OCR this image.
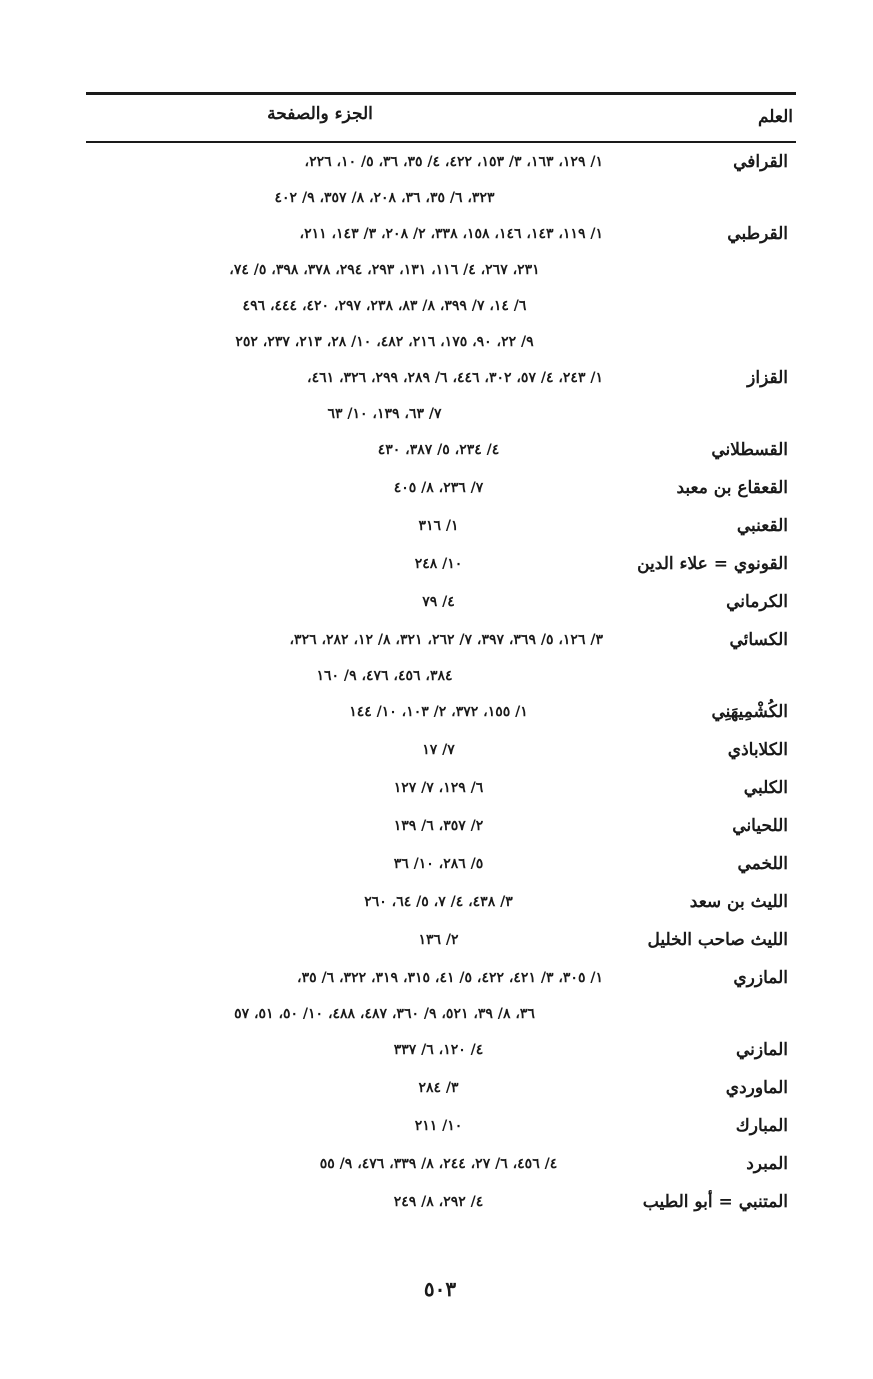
العلم
الجزء والصفحة
القرافي
١/ ١٢٩، ١٦٣، ٣/ ١٥٣، ٤٢٢، ٤/ ٣٥، ٣٦، ٥/ ١٠، ٢٢٦،
٣٢٣، ٦/ ٣٥، ٣٦، ٢٠٨، ٨/ ٣٥٧، ٩/ ٤٠٢
القرطبي
١/ ١١٩، ١٤٣، ١٤٦، ١٥٨، ٣٣٨، ٢/ ٢٠٨، ٣/ ١٤٣، ٢١١،
٢٣١، ٢٦٧، ٤/ ١١٦، ١٣١، ٢٩٣، ٢٩٤، ٣٧٨، ٣٩٨، ٥/ ٧٤،
٦/ ١٤، ٧/ ٣٩٩، ٨/ ٨٣، ٢٣٨، ٢٩٧، ٤٢٠، ٤٤٤، ٤٩٦
٩/ ٢٢، ٩٠، ١٧٥، ٢١٦، ٤٨٢، ١٠/ ٢٨، ٢١٣، ٢٣٧، ٢٥٢
القزاز
١/ ٢٤٣، ٤/ ٥٧، ٣٠٢، ٤٤٦، ٦/ ٢٨٩، ٢٩٩، ٣٢٦، ٤٦١،
٧/ ٦٣، ١٣٩، ١٠/ ٦٣
القسطلاني
٤/ ٢٣٤، ٥/ ٣٨٧، ٤٣٠
القعقاع بن معبد
٧/ ٢٣٦، ٨/ ٤٠٥
القعنبي
١/ ٣١٦
القونوي = علاء الدين
١٠/ ٢٤٨
الكرماني
٤/ ٧٩
الكسائي
٣/ ١٢٦، ٥/ ٣٦٩، ٣٩٧، ٧/ ٢٦٢، ٣٢١، ٨/ ١٢، ٢٨٢، ٣٢٦،
٣٨٤، ٤٥٦، ٤٧٦، ٩/ ١٦٠
الكُشْمِيهَنِي
١/ ١٥٥، ٣٧٢، ٢/ ١٠٣، ١٠/ ١٤٤
الكلاباذي
٧/ ١٧
الكلبي
٦/ ١٢٩، ٧/ ١٢٧
اللحياني
٢/ ٣٥٧، ٦/ ١٣٩
اللخمي
٥/ ٢٨٦، ١٠/ ٣٦
الليث بن سعد
٣/ ٤٣٨، ٤/ ٧، ٥/ ٦٤، ٢٦٠
الليث صاحب الخليل
٢/ ١٣٦
المازري
١/ ٣٠٥، ٣/ ٤٢١، ٤٢٢، ٥/ ٤١، ٣١٥، ٣١٩، ٣٢٢، ٦/ ٣٥،
٣٦، ٨/ ٣٩، ٥٢١، ٩/ ٣٦٠، ٤٨٧، ٤٨٨، ١٠/ ٥٠، ٥١، ٥٧
المازني
٤/ ١٢٠، ٦/ ٣٣٧
الماوردي
٣/ ٢٨٤
المبارك
١٠/ ٢١١
المبرد
٤/ ٤٥٦، ٦/ ٢٧، ٢٤٤، ٨/ ٣٣٩، ٤٧٦، ٩/ ٥٥
المتنبي = أبو الطيب
٤/ ٢٩٢، ٨/ ٢٤٩
٥٠٣
